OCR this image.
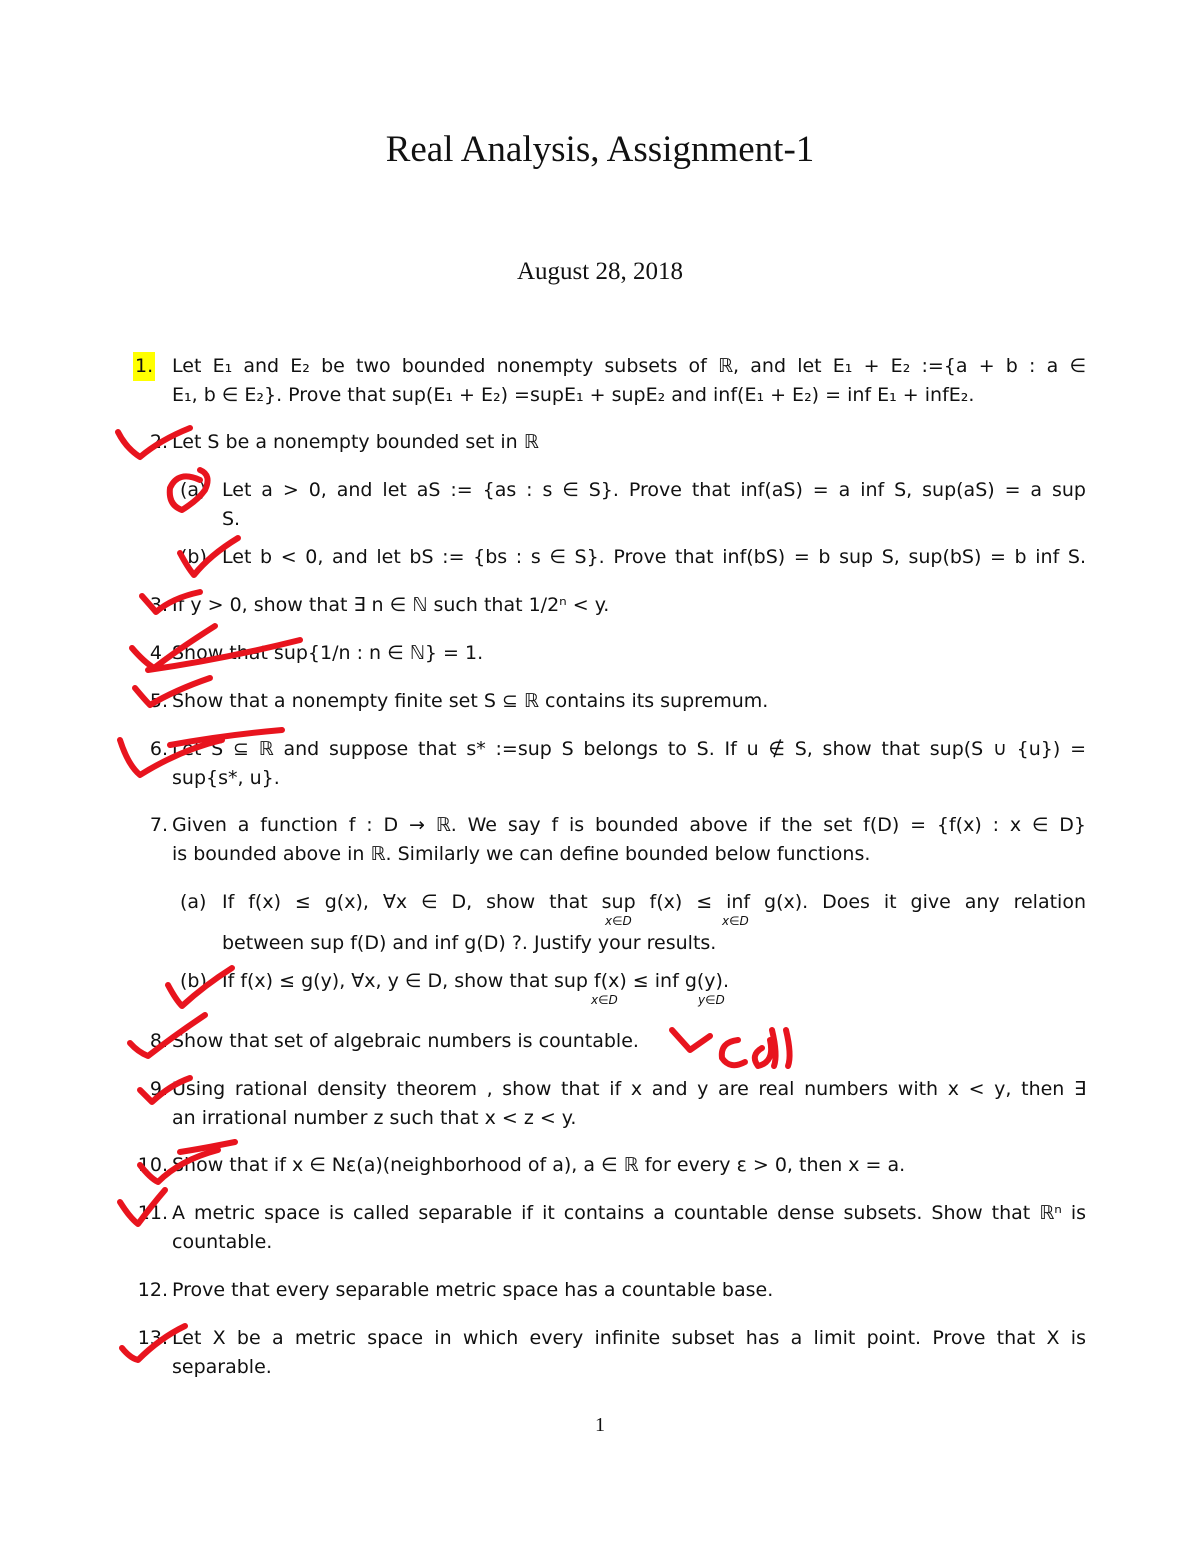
Real Analysis, Assignment-1
August 28, 2018
1. Let E₁ and E₂ be two bounded nonempty subsets of ℝ, and let E₁ + E₂ :={a + b : a ∈
E₁, b ∈ E₂}. Prove that sup(E₁ + E₂) =supE₁ + supE₂ and inf(E₁ + E₂) = inf E₁ + infE₂.
2. Let S be a nonempty bounded set in ℝ
(a) Let a > 0, and let aS := {as : s ∈ S}. Prove that inf(aS) = a inf S, sup(aS) = a sup
S.
(b) Let b < 0, and let bS := {bs : s ∈ S}. Prove that inf(bS) = b sup S, sup(bS) = b inf S.
3. If y > 0, show that ∃ n ∈ ℕ such that 1/2ⁿ < y.
4. Show that sup{1/n : n ∈ ℕ} = 1.
5. Show that a nonempty finite set S ⊆ ℝ contains its supremum.
6. Let S ⊆ ℝ and suppose that s* :=sup S belongs to S. If u ∉ S, show that sup(S ∪ {u}) =
sup{s*, u}.
7. Given a function f : D → ℝ. We say f is bounded above if the set f(D) = {f(x) : x ∈ D}
is bounded above in ℝ. Similarly we can define bounded below functions.
(a) If f(x) ≤ g(x), ∀x ∈ D, show that sup f(x) ≤ inf g(x). Does it give any relation
x∈D	x∈D
between sup f(D) and inf g(D) ?. Justify your results.
(b) If f(x) ≤ g(y), ∀x, y ∈ D, show that sup f(x) ≤ inf g(y).
x∈D	y∈D
8. Show that set of algebraic numbers is countable.
9. Using rational density theorem , show that if x and y are real numbers with x < y, then ∃
an irrational number z such that x < z < y.
10. Show that if x ∈ Nε(a)(neighborhood of a), a ∈ ℝ for every ε > 0, then x = a.
11. A metric space is called separable if it contains a countable dense subsets. Show that ℝⁿ is
countable.
12. Prove that every separable metric space has a countable base.
13. Let X be a metric space in which every infinite subset has a limit point. Prove that X is
separable.
1
